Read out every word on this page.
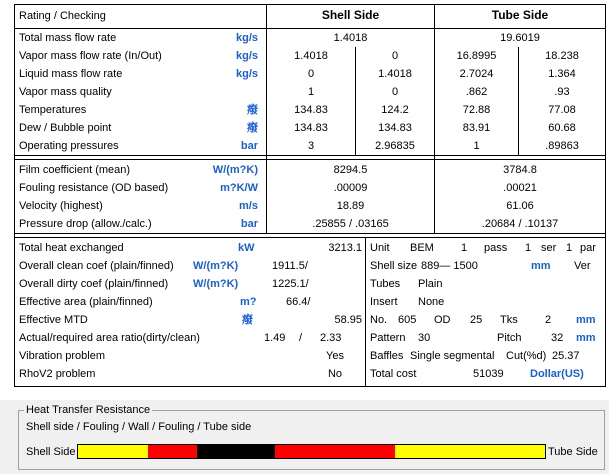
Rating / Checking	Shell Side	Tube Side
Total mass flow rate	kg/s	1.4018	19.6019
Vapor mass flow rate (In/Out)	kg/s	1.4018	0	16.8995	18.238
Liquid mass flow rate	kg/s	0	1.4018	2.7024	1.364
Vapor mass quality	1	0	.862	.93
Temperatures	癈	134.83	124.2	72.88	77.08
Dew / Bubble point	癈	134.83	134.83	83.91	60.68
Operating pressures	bar	3	2.96835	1	.89863
Film coefficient (mean)	W/(m?K)	8294.5	3784.8
Fouling resistance (OD based)	m?K/W	.00009	.00021
Velocity (highest)	m/s	18.89	61.06
Pressure drop (allow./calc.)	bar	.25855 / .03165	.20684 / .10137
Total heat exchanged	kW	3213.1
Overall clean coef (plain/finned) W/(m?K)	1911.5/
Overall dirty coef (plain/finned) W/(m?K)	1225.1/
Effective area (plain/finned)	m?	66.4/
Effective MTD	癈	58.95
Actual/required area ratio(dirty/clean)	1.49 / 2.33
Vibration problem	Yes
RhoV2 problem	No
Unit BEM 1 pass 1 ser 1 par
Shell size 889— 1500	mm Ver
Tubes Plain
Insert None
No. 605 OD 25 Tks 2 mm
Pattern 30	Pitch	32 mm
Baffles Single segmental Cut(%d) 25.37
Total cost	51039 Dollar(US)
Heat Transfer Resistance
Shell side / Fouling / Wall / Fouling / Tube side
Shell Side	Tube Side
